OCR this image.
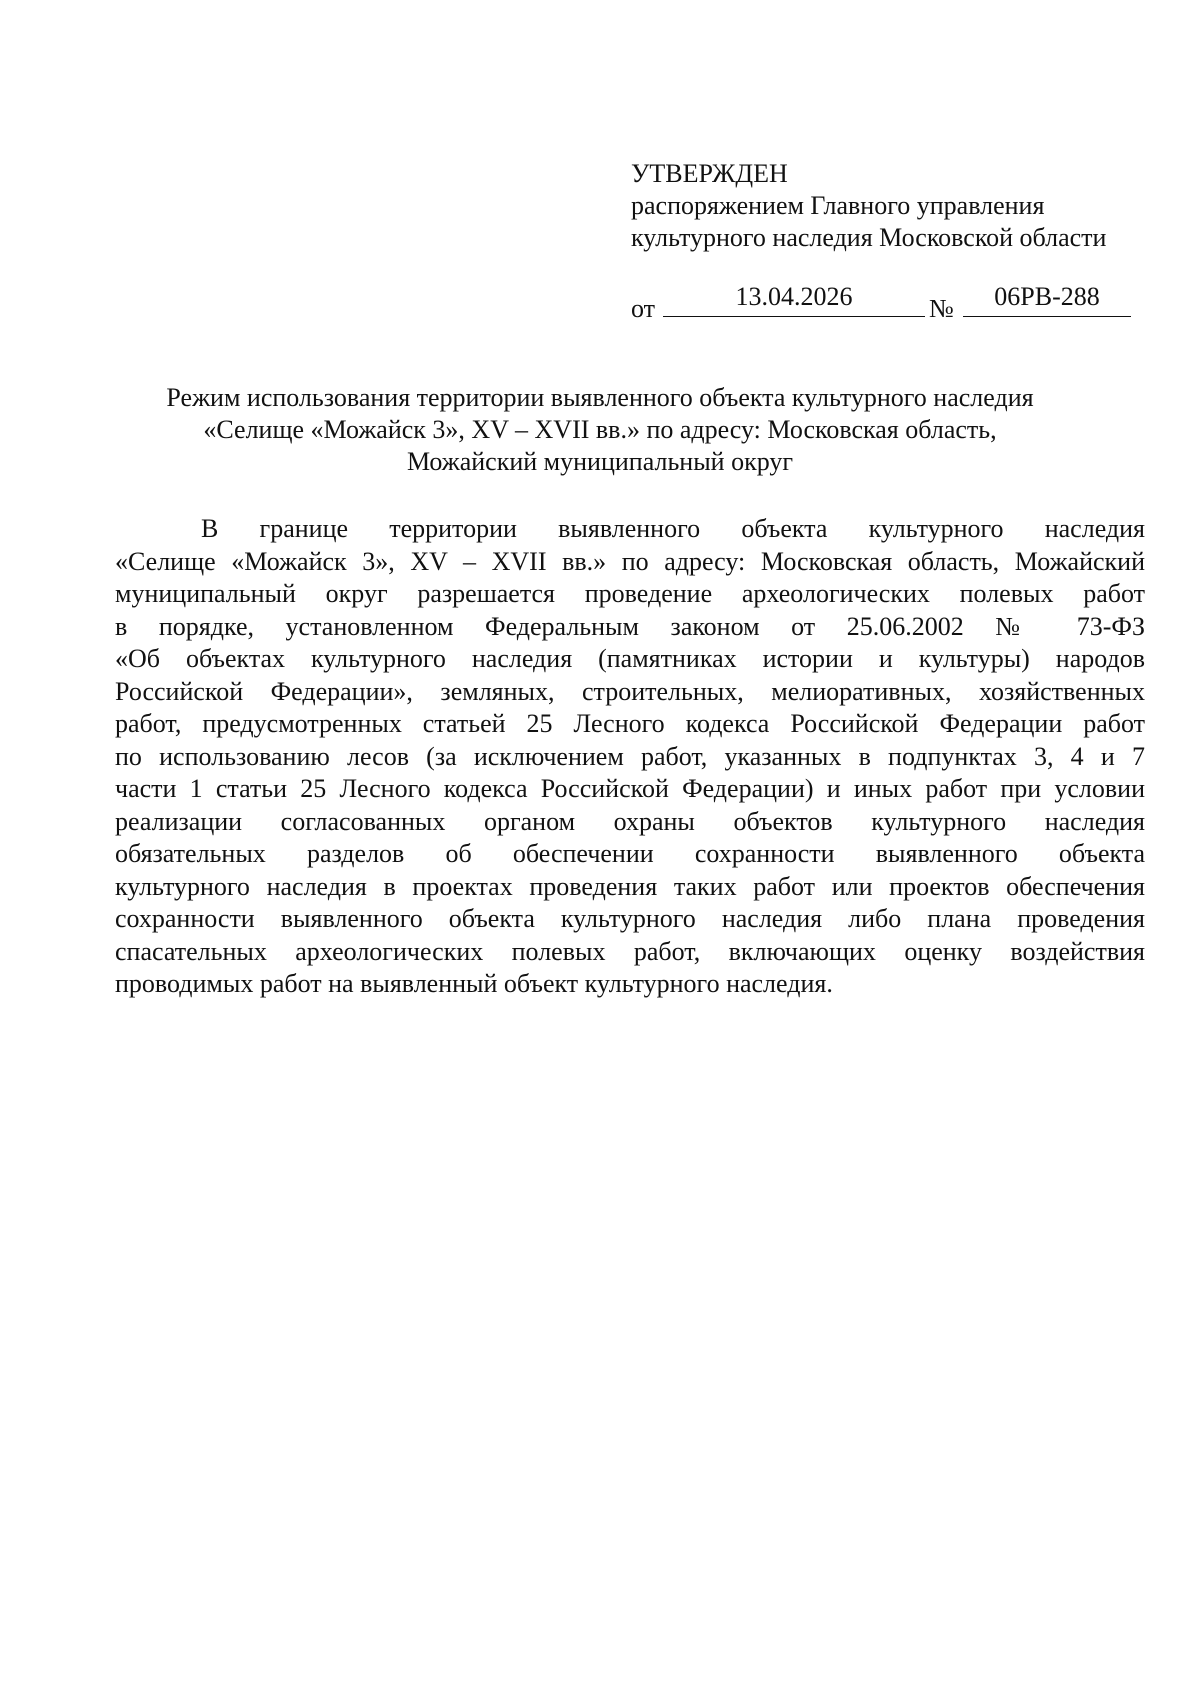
УТВЕРЖДЕН
распоряжением Главного управления
культурного наследия Московской области
от	13.04.2026	№	06РВ-288
Режим использования территории выявленного объекта культурного наследия
«Селище «Можайск 3», XV – XVII вв.» по адресу: Московская область,
Можайский муниципальный округ
В границе территории выявленного объекта культурного наследия
«Селище «Можайск 3», XV – XVII вв.» по адресу: Московская область, Можайский
муниципальный округ разрешается проведение археологических полевых работ
в порядке, установленном Федеральным законом от 25.06.2002 № 73-ФЗ
«Об объектах культурного наследия (памятниках истории и культуры) народов
Российской Федерации», земляных, строительных, мелиоративных, хозяйственных
работ, предусмотренных статьей 25 Лесного кодекса Российской Федерации работ
по использованию лесов (за исключением работ, указанных в подпунктах 3, 4 и 7
части 1 статьи 25 Лесного кодекса Российской Федерации) и иных работ при условии
реализации согласованных органом охраны объектов культурного наследия
обязательных разделов об обеспечении сохранности выявленного объекта
культурного наследия в проектах проведения таких работ или проектов обеспечения
сохранности выявленного объекта культурного наследия либо плана проведения
спасательных археологических полевых работ, включающих оценку воздействия
проводимых работ на выявленный объект культурного наследия.
